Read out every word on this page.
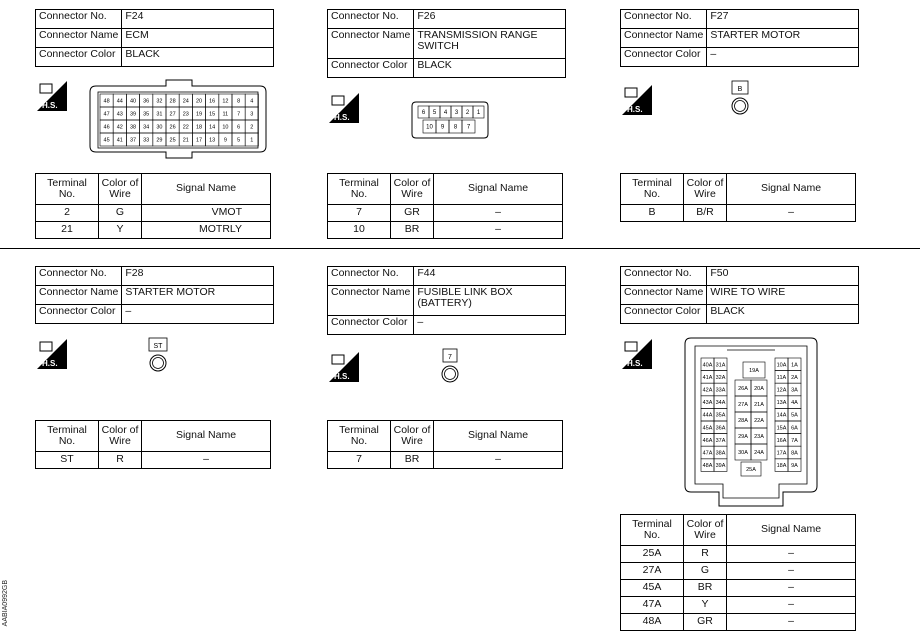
Connector No.	F24
Connector Name	ECM
Connector Color	BLACK
H.S.	48 44 40 36 32 28 24 20 16 12 8 4
47 43 39 35 31 27 23 19 15 11 7 3
46 42 38 34 30 26 22 18 14 10 6 2
45 41 37 33 29 25 21 17 13 9 5 1
Terminal No.	Color of Wire	Signal Name
2	G	VMOT
21	Y	MOTRLY
Connector No.	F26
Connector Name	TRANSMISSION RANGE SWITCH
Connector Color	BLACK
H.S.	6 5 4 3 2 1
10 9 8 7
Terminal No.	Color of Wire	Signal Name
7	GR	–
10	BR	–
Connector No.	F27
Connector Name	STARTER MOTOR
Connector Color	–
H.S.
B
Terminal No.	Color of Wire	Signal Name
B	B/R	–
Connector No.	F28
Connector Name	STARTER MOTOR
Connector Color	–
H.S.
ST
Terminal No.	Color of Wire	Signal Name
ST	R	–
Connector No.	F44
Connector Name	FUSIBLE LINK BOX (BATTERY)
Connector Color	–
H.S.
7
Terminal No.	Color of Wire	Signal Name
7	BR	–
Connector No.	F50
Connector Name	WIRE TO WIRE
Connector Color	BLACK
H.S.	40A 31A
41A 32A
42A 33A
43A 34A
44A 35A
45A 36A
46A 37A
47A 38A
48A 39A
19A
26A 20A
27A 21A
28A 22A
29A 23A
30A 24A
25A
10A 1A
11A 2A
12A 3A
13A 4A
14A 5A
15A 6A
16A 7A
17A 8A
18A 9A
Terminal No.	Color of Wire	Signal Name
25A	R	–
27A	G	–
45A	BR	–
47A	Y	–
48A	GR	–
AABIA0992GB
